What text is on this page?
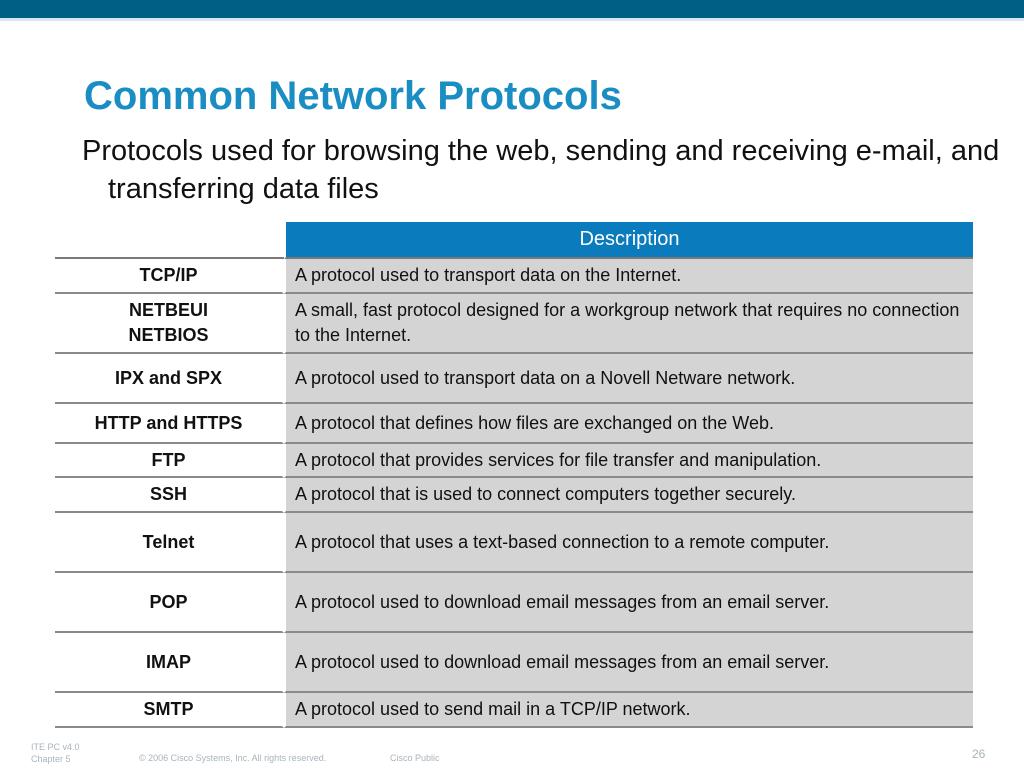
Common Network Protocols
Protocols used for browsing the web, sending and receiving e-mail, and transferring data files
	Description
TCP/IP	A protocol used to transport data on the Internet.
NETBEUI
NETBIOS	A small, fast protocol designed for a workgroup network that requires no connection to the Internet.
IPX and SPX	A protocol used to transport data on a Novell Netware network.
HTTP and HTTPS	A protocol that defines how files are exchanged on the Web.
FTP	A protocol that provides services for file transfer and manipulation.
SSH	A protocol that is used to connect computers together securely.
Telnet	A protocol that uses a text-based connection to a remote computer.
POP	A protocol used to download email messages from an email server.
IMAP	A protocol used to download email messages from an email server.
SMTP	A protocol used to send mail in a TCP/IP network.
ITE PC v4.0
Chapter 5	© 2006 Cisco Systems, Inc. All rights reserved.	Cisco Public	26
